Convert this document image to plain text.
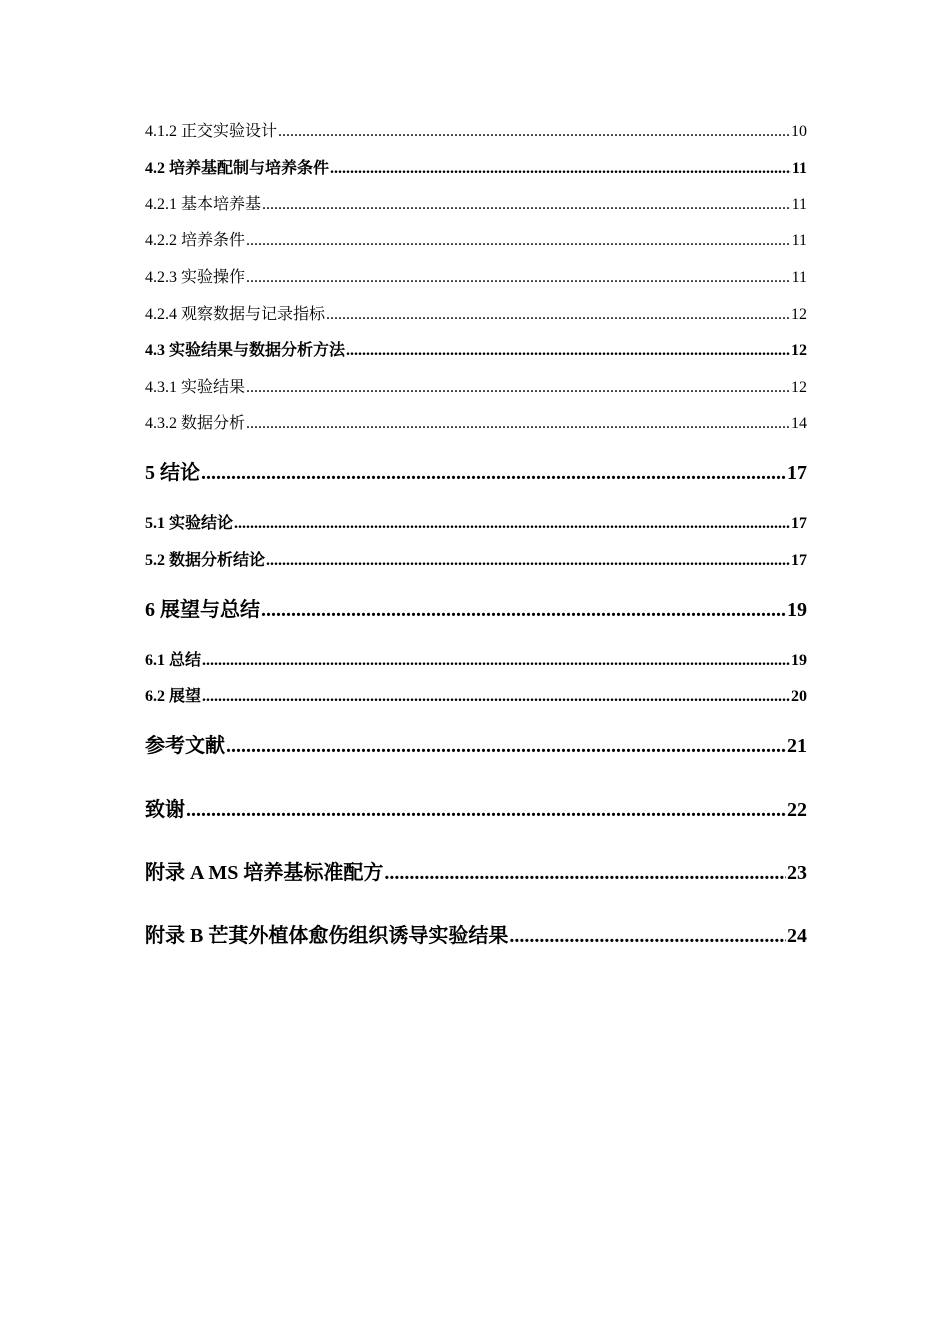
4.1.2 正交实验设计 .....	10
4.2 培养基配制与培养条件 .....	11
4.2.1 基本培养基 .....	11
4.2.2 培养条件 .....	11
4.2.3 实验操作 .....	11
4.2.4 观察数据与记录指标 .....	12
4.3 实验结果与数据分析方法 .....	12
4.3.1 实验结果 .....	12
4.3.2 数据分析 .....	14
5 结论 .....	17
5.1 实验结论 .....	17
5.2 数据分析结论 .....	17
6 展望与总结 .....	19
6.1 总结 .....	19
6.2 展望 .....	20
参考文献 .....	21
致谢 .....	22
附录 A MS 培养基标准配方 .....	23
附录 B 芒萁外植体愈伤组织诱导实验结果 .....	24
